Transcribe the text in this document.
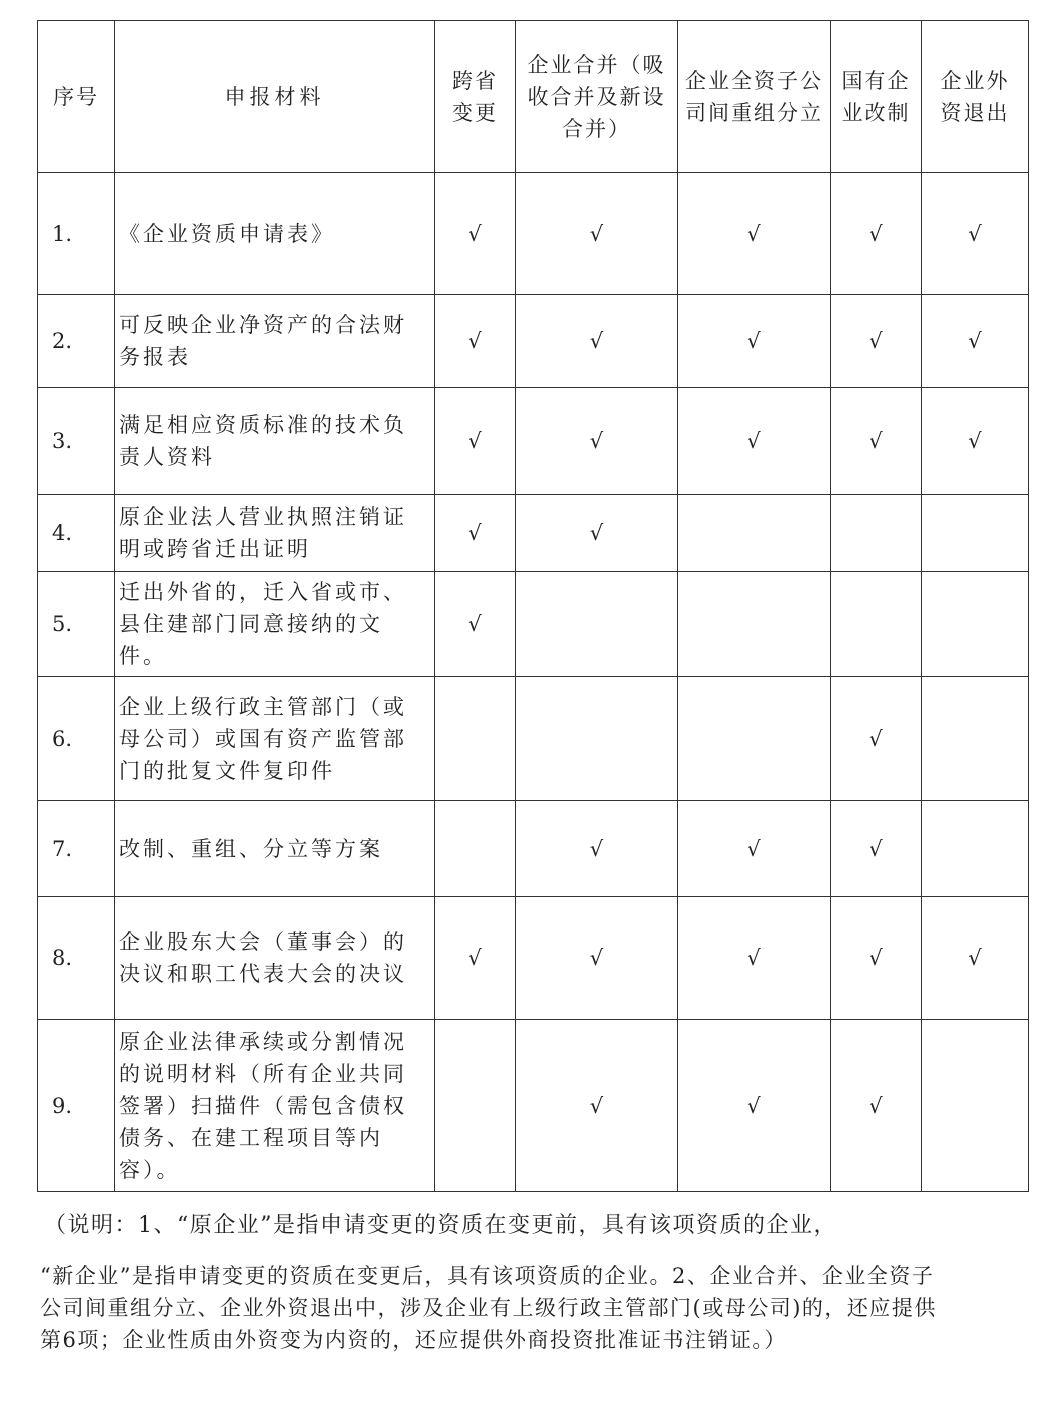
序号	申报材料	跨省变更	企业合并（吸收合并及新设合并）	企业全资子公司间重组分立	国有企业改制	企业外资退出

1.	《企业资质申请表》	√	√	√	√	√
2.	可反映企业净资产的合法财务报表	√	√	√	√	√
3.	满足相应资质标准的技术负责人资料	√	√	√	√	√
4.	原企业法人营业执照注销证明或跨省迁出证明	√	√			
5.	迁出外省的，迁入省或市、县住建部门同意接纳的文件。	√				
6.	企业上级行政主管部门（或母公司）或国有资产监管部门的批复文件复印件				√	
7.	改制、重组、分立等方案		√	√	√	
8.	企业股东大会（董事会）的决议和职工代表大会的决议	√	√	√	√	√
9.	原企业法律承续或分割情况的说明材料（所有企业共同签署）扫描件（需包含债权债务、在建工程项目等内容）。		√	√	√	
（说明：1、“原企业”是指申请变更的资质在变更前，具有该项资质的企业，
“新企业”是指申请变更的资质在变更后，具有该项资质的企业。2、企业合并、企业全资子公司间重组分立、企业外资退出中，涉及企业有上级行政主管部门(或母公司)的，还应提供第6项；企业性质由外资变为内资的，还应提供外商投资批准证书注销证。）
